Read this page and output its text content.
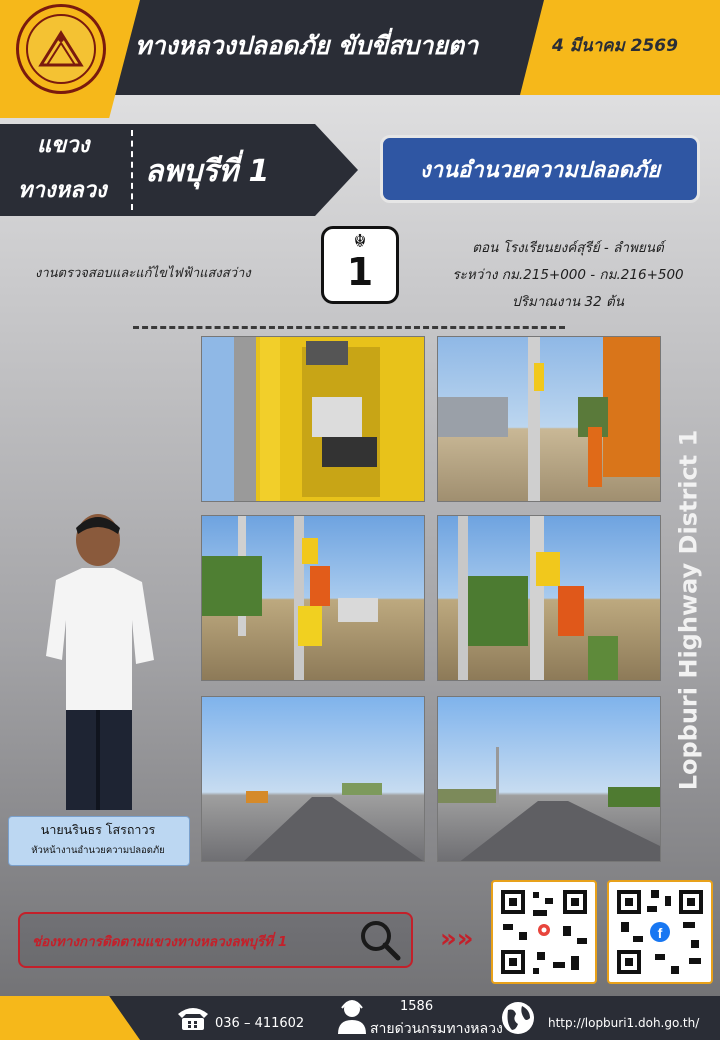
ทางหลวงปลอดภัย ขับขี่สบายตา	4 มีนาคม 2569
แขวง
ทางหลวง
ลพบุรีที่ 1	งานอำนวยความปลอดภัย
งานตรวจสอบและแก้ไขไฟฟ้าแสงสว่าง
☬
1
ตอน โรงเรียนยงค์สุรีย์ - ลำพยนต์
ระหว่าง กม.215+000 - กม.216+500
ปริมาณงาน 32 ต้น
Lopburi Highway District 1
นายนรินธร โสรถาวร
หัวหน้างานอำนวยความปลอดภัย
ช่องทางการติดตามแขวงทางหลวงลพบุรีที่ 1	»»	f
036 – 411602
1586
สายด่วนกรมทางหลวง	http://lopburi1.doh.go.th/
